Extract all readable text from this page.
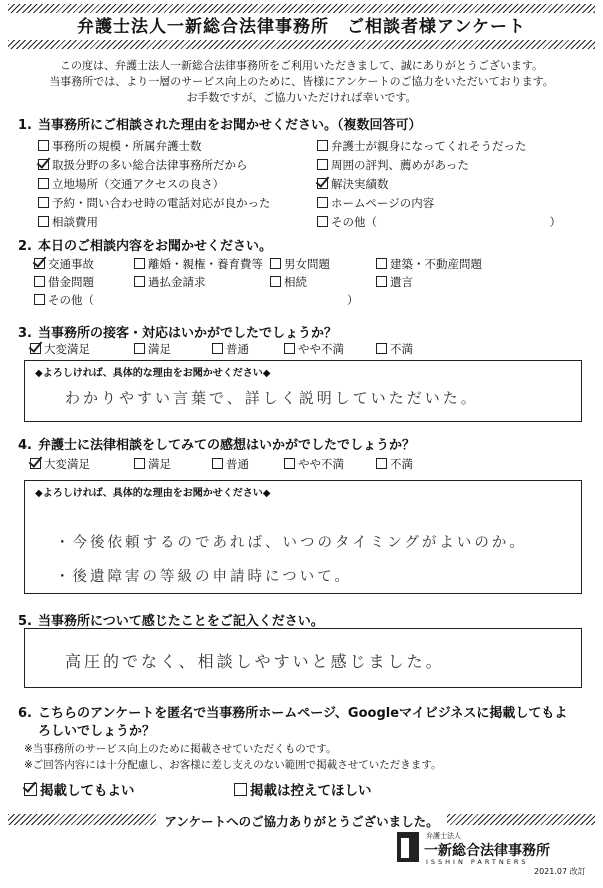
弁護士法人一新総合法律事務所　ご相談者様アンケート
この度は、弁護士法人一新総合法律事務所をご利用いただきまして、誠にありがとうございます。
当事務所では、より一層のサービス向上のために、皆様にアンケートのご協力をいただいております。
お手数ですが、ご協力いただければ幸いです。
1. 当事務所にご相談された理由をお聞かせください。（複数回答可）
事務所の規模・所属弁護士数
取扱分野の多い総合法律事務所だから
立地場所（交通アクセスの良さ）
予約・問い合わせ時の電話対応が良かった
相談費用
弁護士が親身になってくれそうだった
周囲の評判、薦めがあった
解決実績数
ホームページの内容
その他（　　　　　　　　　　　　　　　）
2. 本日のご相談内容をお聞かせください。
交通事故	離婚・親権・養育費等	男女問題	建築・不動産問題
借金問題	過払金請求	相続	遺言
その他（　　　　　　　　　　　　　　　　　　　　　　）
3. 当事務所の接客・対応はいかがでしたでしょうか？
大変満足	満足	普通	やや不満	不満
◆よろしければ、具体的な理由をお聞かせください◆
わかりやすい言葉で、詳しく説明していただいた。
4. 弁護士に法律相談をしてみての感想はいかがでしたでしょうか？
大変満足	満足	普通	やや不満	不満
◆よろしければ、具体的な理由をお聞かせください◆
・今後依頼するのであれば、いつのタイミングがよいのか。
・後遺障害の等級の申請時について。
5. 当事務所について感じたことをご記入ください。
高圧的でなく、相談しやすいと感じました。
6. こちらのアンケートを匿名で当事務所ホームページ、Googleマイビジネスに掲載してもよ
ろしいでしょうか？
※当事務所のサービス向上のために掲載させていただくものです。
※ご回答内容には十分配慮し、お客様に差し支えのない範囲で掲載させていただきます。
掲載してもよい	掲載は控えてほしい
アンケートへのご協力ありがとうございました。
弁護士法人
一新総合法律事務所
ISSHIN PARTNERS
2021.07 改訂
